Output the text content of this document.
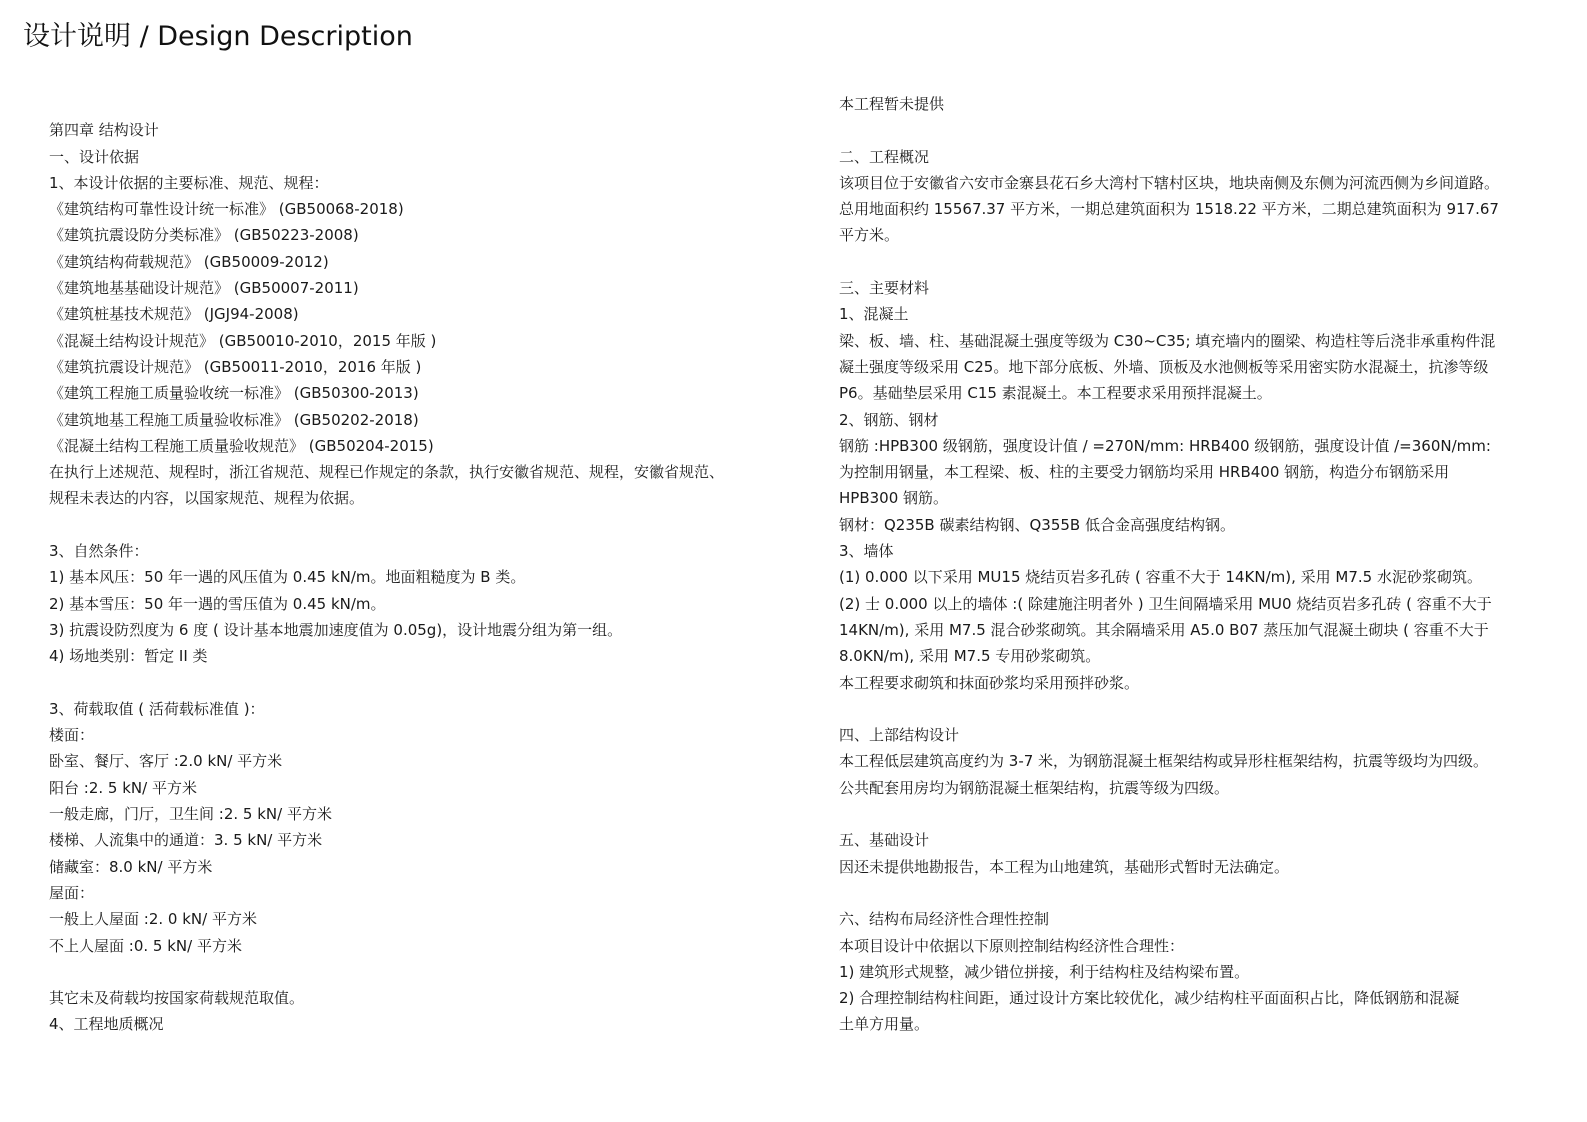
设计说明 / Design Description
第四章 结构设计
一、设计依据
1、本设计依据的主要标准、规范、规程：
《建筑结构可靠性设计统一标准》 (GB50068-2018)
《建筑抗震设防分类标准》 (GB50223-2008)
《建筑结构荷载规范》 (GB50009-2012)
《建筑地基基础设计规范》 (GB50007-2011)
《建筑桩基技术规范》 (JGJ94-2008)
《混凝土结构设计规范》 (GB50010-2010，2015 年版 )
《建筑抗震设计规范》 (GB50011-2010，2016 年版 )
《建筑工程施工质量验收统一标准》 (GB50300-2013)
《建筑地基工程施工质量验收标准》 (GB50202-2018)
《混凝土结构工程施工质量验收规范》 (GB50204-2015)
在执行上述规范、规程时，浙江省规范、规程已作规定的条款，执行安徽省规范、规程，安徽省规范、
规程未表达的内容，以国家规范、规程为依据。
3、自然条件：
1) 基本风压：50 年一遇的风压值为 0.45 kN/m。地面粗糙度为 B 类。
2) 基本雪压：50 年一遇的雪压值为 0.45 kN/m。
3) 抗震设防烈度为 6 度 ( 设计基本地震加速度值为 0.05g)，设计地震分组为第一组。
4) 场地类别：暂定 II 类
3、荷载取值 ( 活荷载标准值 )：
楼面：
卧室、餐厅、客厅 :2.0 kN/ 平方米
阳台 :2. 5 kN/ 平方米
一般走廊，门厅，卫生间 :2. 5 kN/ 平方米
楼梯、人流集中的通道：3. 5 kN/ 平方米
储藏室：8.0 kN/ 平方米
屋面：
一般上人屋面 :2. 0 kN/ 平方米
不上人屋面 :0. 5 kN/ 平方米
其它未及荷载均按国家荷载规范取值。
4、工程地质概况
本工程暂未提供
二、工程概况
该项目位于安徽省六安市金寨县花石乡大湾村下辖村区块，地块南侧及东侧为河流西侧为乡间道路。
总用地面积约 15567.37 平方米，一期总建筑面积为 1518.22 平方米，二期总建筑面积为 917.67
平方米。
三、主要材料
1、混凝土
梁、板、墙、柱、基础混凝土强度等级为 C30~C35; 填充墙内的圈梁、构造柱等后浇非承重构件混
凝土强度等级采用 C25。地下部分底板、外墙、顶板及水池侧板等采用密实防水混凝土，抗渗等级
P6。基础垫层采用 C15 素混凝土。本工程要求采用预拌混凝土。
2、钢筋、钢材
钢筋 :HPB300 级钢筋，强度设计值 / =270N/mm: HRB400 级钢筋，强度设计值 /=360N/mm:
为控制用钢量，本工程梁、板、柱的主要受力钢筋均采用 HRB400 钢筋，构造分布钢筋采用
HPB300 钢筋。
钢材：Q235B 碳素结构钢、Q355B 低合金高强度结构钢。
3、墙体
(1) 0.000 以下采用 MU15 烧结页岩多孔砖 ( 容重不大于 14KN/m), 采用 M7.5 水泥砂浆砌筑。
(2) 士 0.000 以上的墙体 :( 除建施注明者外 ) 卫生间隔墙采用 MU0 烧结页岩多孔砖 ( 容重不大于
14KN/m), 采用 M7.5 混合砂浆砌筑。其余隔墙采用 A5.0 B07 蒸压加气混凝土砌块 ( 容重不大于
8.0KN/m), 采用 M7.5 专用砂浆砌筑。
本工程要求砌筑和抹面砂浆均采用预拌砂浆。
四、上部结构设计
本工程低层建筑高度约为 3-7 米，为钢筋混凝土框架结构或异形柱框架结构，抗震等级均为四级。
公共配套用房均为钢筋混凝土框架结构，抗震等级为四级。
五、基础设计
因还未提供地勘报告，本工程为山地建筑，基础形式暂时无法确定。
六、结构布局经济性合理性控制
本项目设计中依据以下原则控制结构经济性合理性：
1) 建筑形式规整，减少错位拼接，利于结构柱及结构梁布置。
2) 合理控制结构柱间距，通过设计方案比较优化，减少结构柱平面面积占比，降低钢筋和混凝
土单方用量。
